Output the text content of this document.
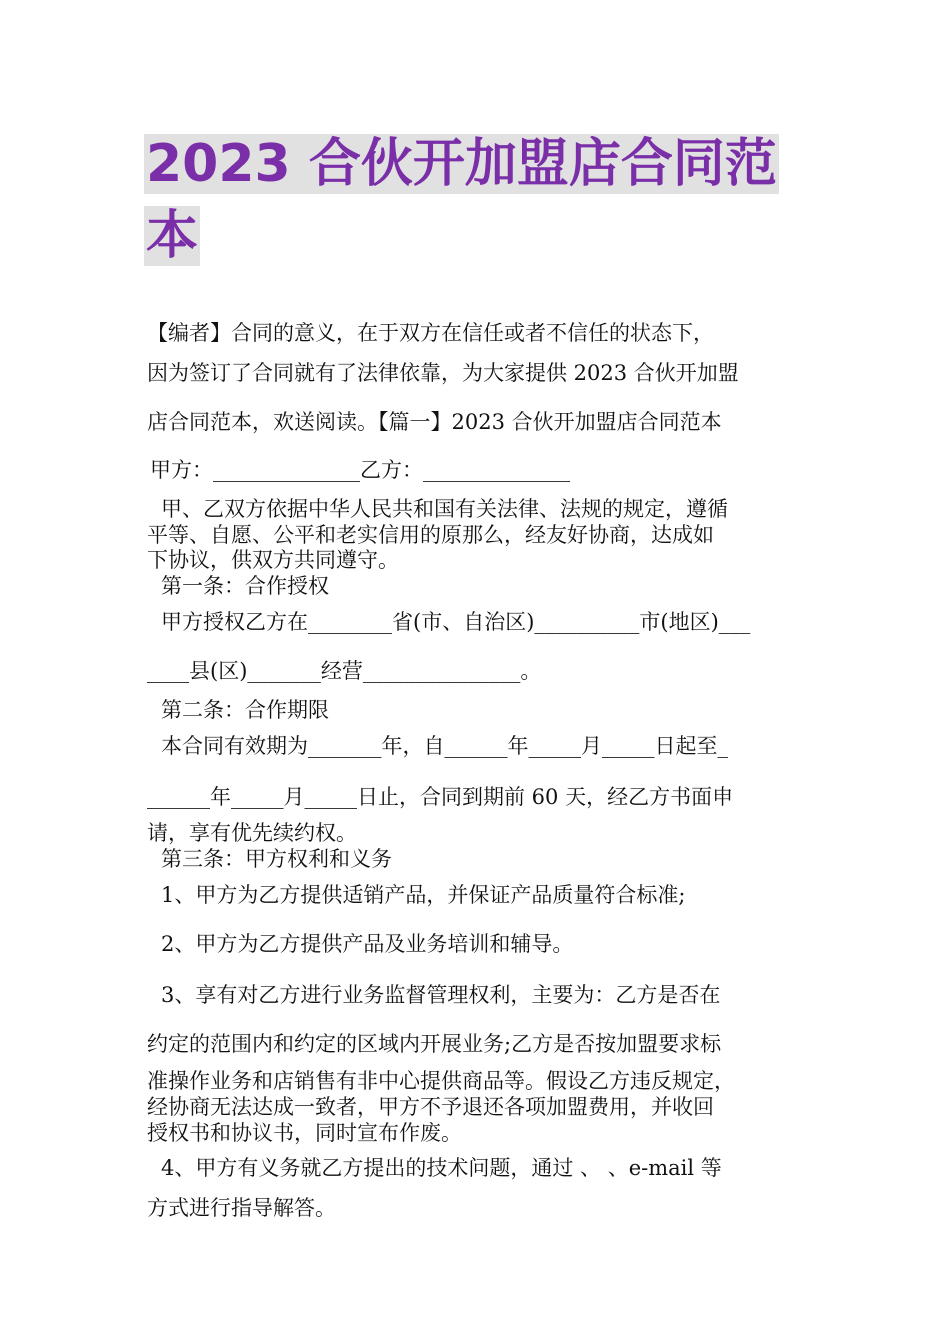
2023 合伙开加盟店合同范
本

【编者】合同的意义，在于双方在信任或者不信任的状态下，

因为签订了合同就有了法律依靠，为大家提供 2023 合伙开加盟

店合同范本，欢送阅读。【篇一】2023 合伙开加盟店合同范本

甲方：______________乙方：______________

甲、乙双方依据中华人民共和国有关法律、法规的规定，遵循

平等、自愿、公平和老实信用的原那么，经友好协商，达成如

下协议，供双方共同遵守。

第一条：合作授权

甲方授权乙方在________省(市、自治区)__________市(地区)___

____县(区)_______经营_______________。

第二条：合作期限

本合同有效期为_______年，自______年_____月_____日起至_

______年_____月_____日止，合同到期前 60 天，经乙方书面申

请，享有优先续约权。

第三条：甲方权利和义务

1、甲方为乙方提供适销产品，并保证产品质量符合标准;

2、甲方为乙方提供产品及业务培训和辅导。

3、享有对乙方进行业务监督管理权利，主要为：乙方是否在

约定的范围内和约定的区域内开展业务;乙方是否按加盟要求标

准操作业务和店销售有非中心提供商品等。假设乙方违反规定，

经协商无法达成一致者，甲方不予退还各项加盟费用，并收回

授权书和协议书，同时宣布作废。

4、甲方有义务就乙方提出的技术问题，通过 、 、e-mail 等

方式进行指导解答。
